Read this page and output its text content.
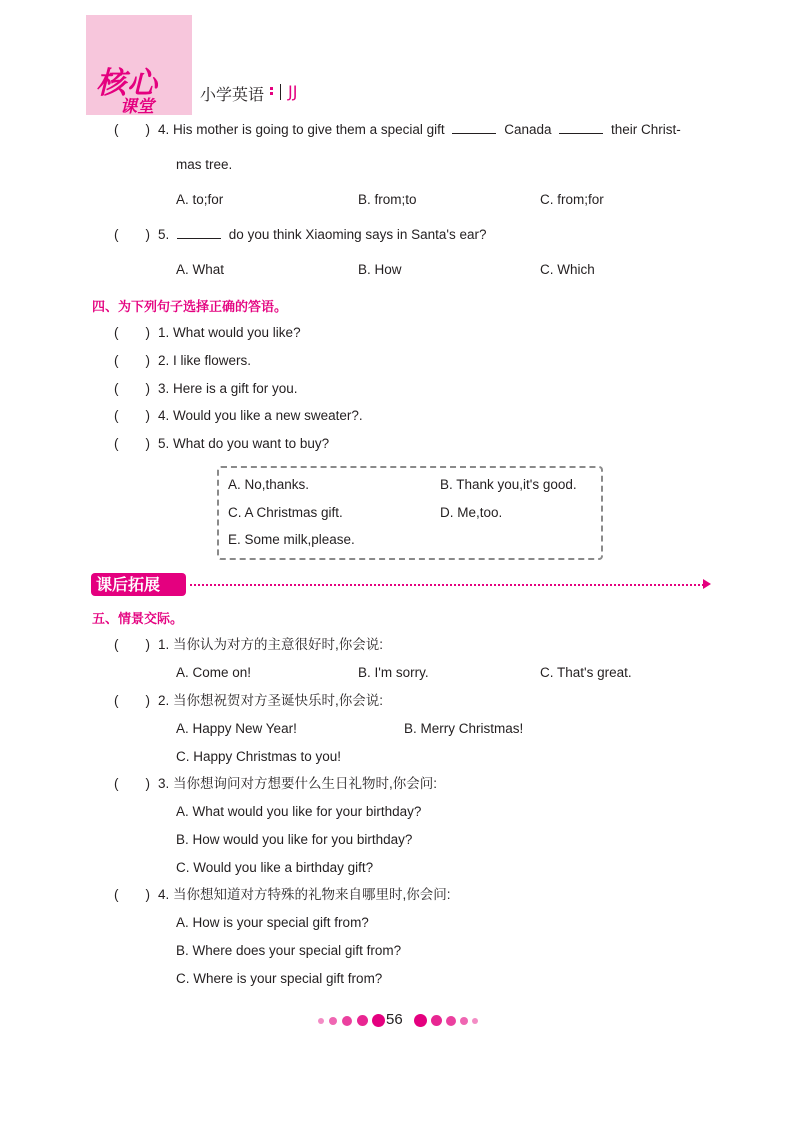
核心
课堂
小学英语 JJ
(　　) 4. His mother is going to give them a special gift	Canada	their Christ-
mas tree.
A. to;for	B. from;to	C. from;for
(　　) 5.	do you think Xiaoming says in Santa's ear?
A. What	B. How	C. Which
四、为下列句子选择正确的答语。
(　　) 1. What would you like?
(　　) 2. I like flowers.
(　　) 3. Here is a gift for you.
(　　) 4. Would you like a new sweater?.
(　　) 5. What do you want to buy?
A. No,thanks.	B. Thank you,it's good.
C. A Christmas gift.	D. Me,too.
E. Some milk,please.
课后拓展
五、情景交际。
(　　) 1. 当你认为对方的主意很好时,你会说:
A. Come on!	B. I'm sorry.	C. That's great.
(　　) 2. 当你想祝贺对方圣诞快乐时,你会说:
A. Happy New Year!	B. Merry Christmas!
C. Happy Christmas to you!
(　　) 3. 当你想询问对方想要什么生日礼物时,你会问:
A. What would you like for your birthday?
B. How would you like for you birthday?
C. Would you like a birthday gift?
(　　) 4. 当你想知道对方特殊的礼物来自哪里时,你会问:
A. How is your special gift from?
B. Where does your special gift from?
C. Where is your special gift from?
56
